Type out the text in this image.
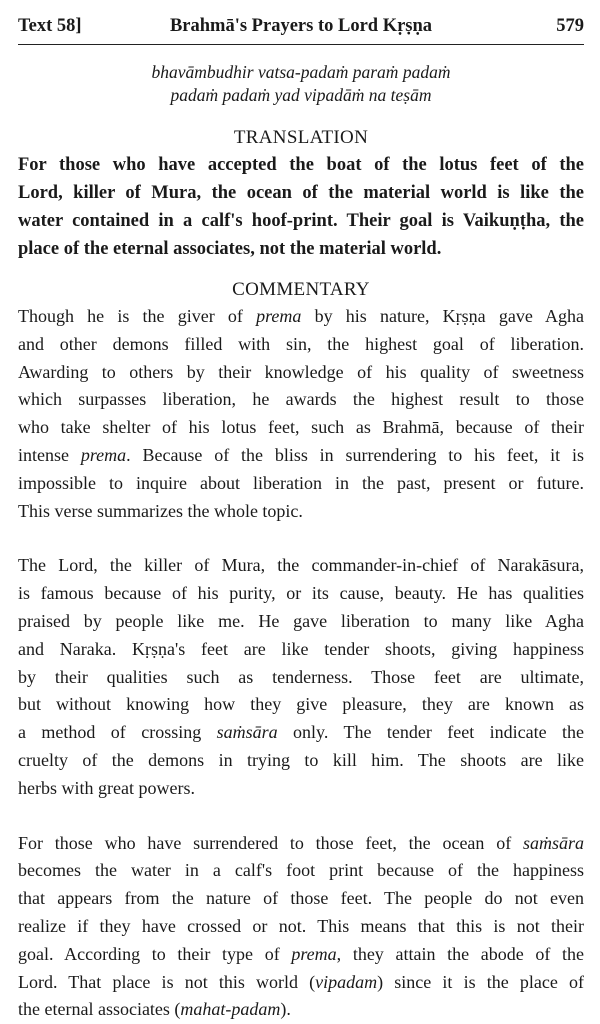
Text 58]	Brahmā's Prayers to Lord Kṛṣṇa	579
bhavāmbudhir vatsa-padaṁ paraṁ padaṁ
padaṁ padaṁ yad vipadāṁ na teṣām
TRANSLATION
For those who have accepted the boat of the lotus feet of the
Lord, killer of Mura, the ocean of the material world is like the
water contained in a calf's hoof-print. Their goal is Vaikuṇṭha, the
place of the eternal associates, not the material world.
COMMENTARY
Though he is the giver of prema by his nature, Kṛṣṇa gave Agha
and other demons filled with sin, the highest goal of liberation.
Awarding to others by their knowledge of his quality of sweetness
which surpasses liberation, he awards the highest result to those
who take shelter of his lotus feet, such as Brahmā, because of their
intense prema. Because of the bliss in surrendering to his feet, it is
impossible to inquire about liberation in the past, present or future.
This verse summarizes the whole topic.
The Lord, the killer of Mura, the commander-in-chief of Narakāsura,
is famous because of his purity, or its cause, beauty. He has qualities
praised by people like me. He gave liberation to many like Agha
and Naraka. Kṛṣṇa's feet are like tender shoots, giving happiness
by their qualities such as tenderness. Those feet are ultimate,
but without knowing how they give pleasure, they are known as
a method of crossing saṁsāra only. The tender feet indicate the
cruelty of the demons in trying to kill him. The shoots are like
herbs with great powers.
For those who have surrendered to those feet, the ocean of saṁsāra
becomes the water in a calf's foot print because of the happiness
that appears from the nature of those feet. The people do not even
realize if they have crossed or not. This means that this is not their
goal. According to their type of prema, they attain the abode of the
Lord. That place is not this world (vipadam) since it is the place of
the eternal associates (mahat-padam).
